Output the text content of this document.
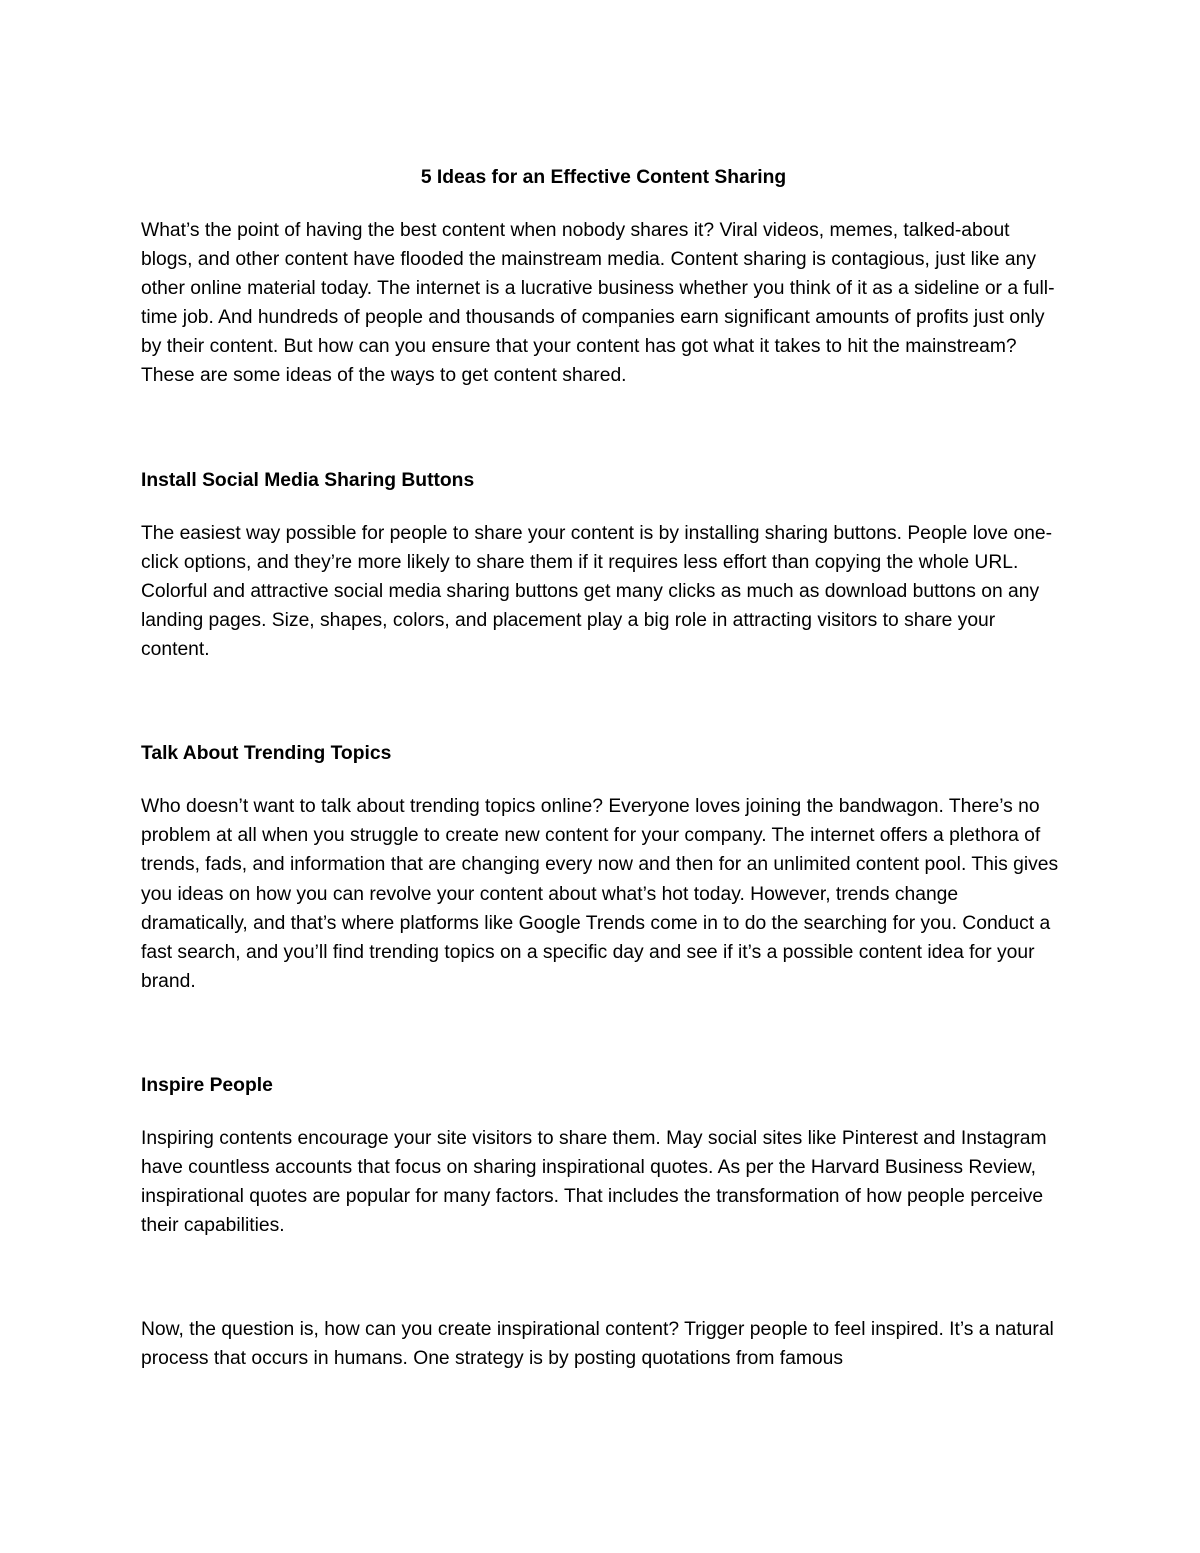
5 Ideas for an Effective Content Sharing

What’s the point of having the best content when nobody shares it? Viral videos, memes, talked-about blogs, and other content have flooded the mainstream media. Content sharing is contagious, just like any other online material today. The internet is a lucrative business whether you think of it as a sideline or a full-time job. And hundreds of people and thousands of companies earn significant amounts of profits just only by their content. But how can you ensure that your content has got what it takes to hit the mainstream? These are some ideas of the ways to get content shared.

Install Social Media Sharing Buttons

The easiest way possible for people to share your content is by installing sharing buttons. People love one-click options, and they’re more likely to share them if it requires less effort than copying the whole URL. Colorful and attractive social media sharing buttons get many clicks as much as download buttons on any landing pages. Size, shapes, colors, and placement play a big role in attracting visitors to share your content.

Talk About Trending Topics

Who doesn’t want to talk about trending topics online? Everyone loves joining the bandwagon. There’s no problem at all when you struggle to create new content for your company. The internet offers a plethora of trends, fads, and information that are changing every now and then for an unlimited content pool. This gives you ideas on how you can revolve your content about what’s hot today. However, trends change dramatically, and that’s where platforms like Google Trends come in to do the searching for you. Conduct a fast search, and you’ll find trending topics on a specific day and see if it’s a possible content idea for your brand.

Inspire People

Inspiring contents encourage your site visitors to share them. May social sites like Pinterest and Instagram have countless accounts that focus on sharing inspirational quotes. As per the Harvard Business Review, inspirational quotes are popular for many factors. That includes the transformation of how people perceive their capabilities.

Now, the question is, how can you create inspirational content? Trigger people to feel inspired. It’s a natural process that occurs in humans. One strategy is by posting quotations from famous
